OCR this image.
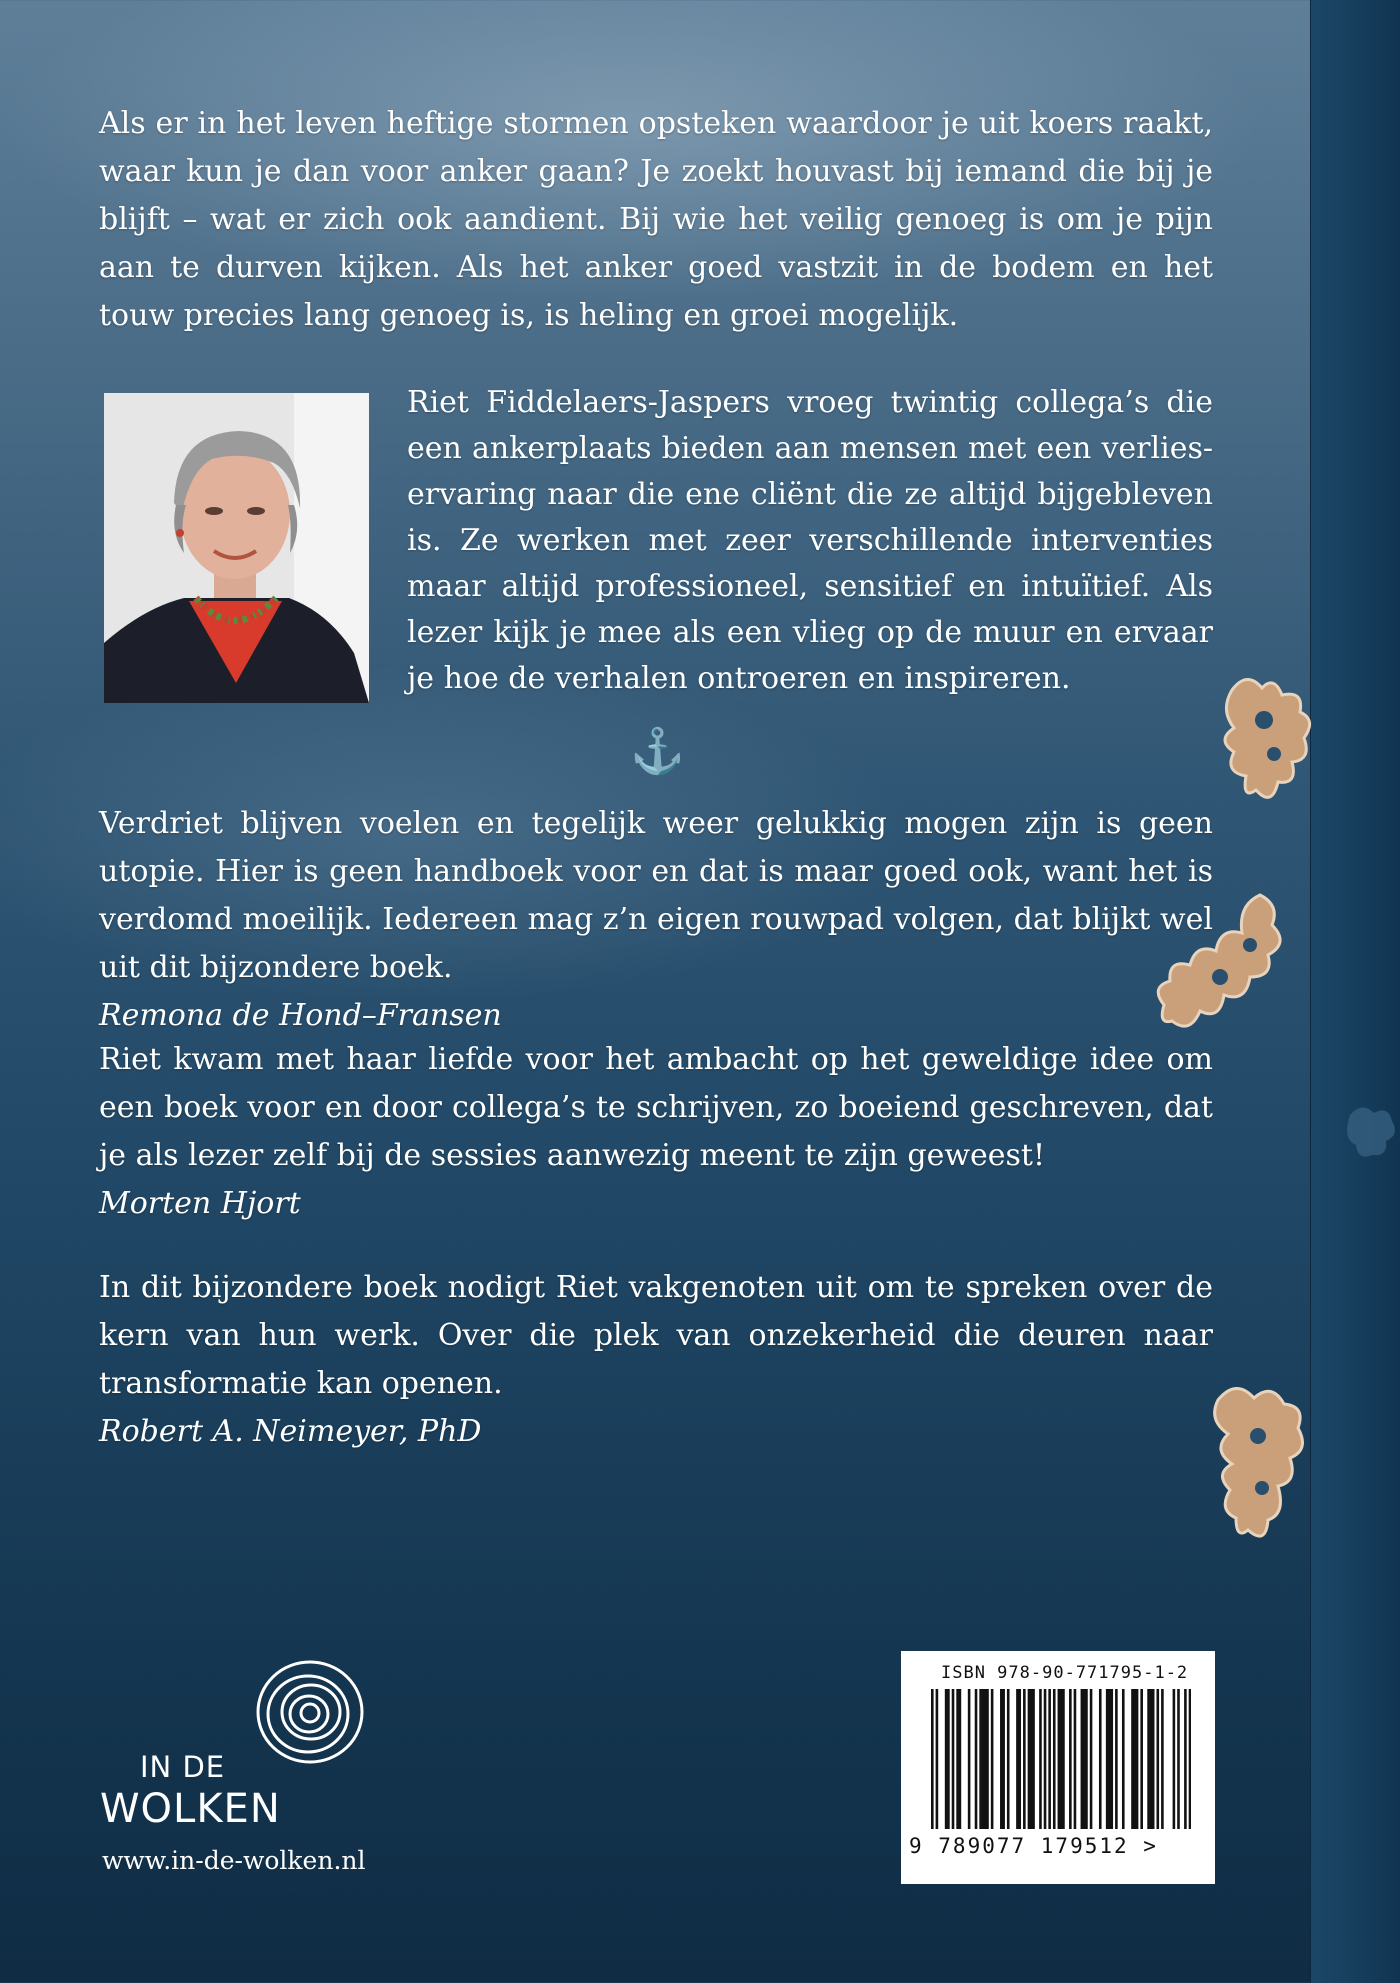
Als er in het leven heftige stormen opsteken waardoor je uit koers raakt, waar kun je dan voor anker gaan? Je zoekt houvast bij iemand die bij je blijft – wat er zich ook aandient. Bij wie het veilig genoeg is om je pijn aan te durven kijken. Als het anker goed vastzit in de bodem en het touw precies lang genoeg is, is heling en groei mogelijk.

Riet Fiddelaers-Jaspers vroeg twintig collega’s die een ankerplaats bieden aan mensen met een verlieservaring naar die ene cliënt die ze altijd bijgebleven is. Ze werken met zeer verschillende interventies maar altijd professioneel, sensitief en intuïtief. Als lezer kijk je mee als een vlieg op de muur en ervaar je hoe de verhalen ontroeren en inspireren.

⚓
Verdriet blijven voelen en tegelijk weer gelukkig mogen zijn is geen utopie. Hier is geen handboek voor en dat is maar goed ook, want het is verdomd moeilijk. Iedereen mag z’n eigen rouwpad volgen, dat blijkt wel uit dit bijzondere boek.
Remona de Hond–Fransen
Riet kwam met haar liefde voor het ambacht op het geweldige idee om een boek voor en door collega’s te schrijven, zo boeiend geschreven, dat je als lezer zelf bij de sessies aanwezig meent te zijn geweest!
Morten Hjort
In dit bijzondere boek nodigt Riet vakgenoten uit om te spreken over de kern van hun werk. Over die plek van onzekerheid die deuren naar transformatie kan openen.
Robert A. Neimeyer, PhD
IN DE
WOLKEN
www.in-de-wolken.nl
ISBN 978-90-771795-1-2
9 789077 179512 >
